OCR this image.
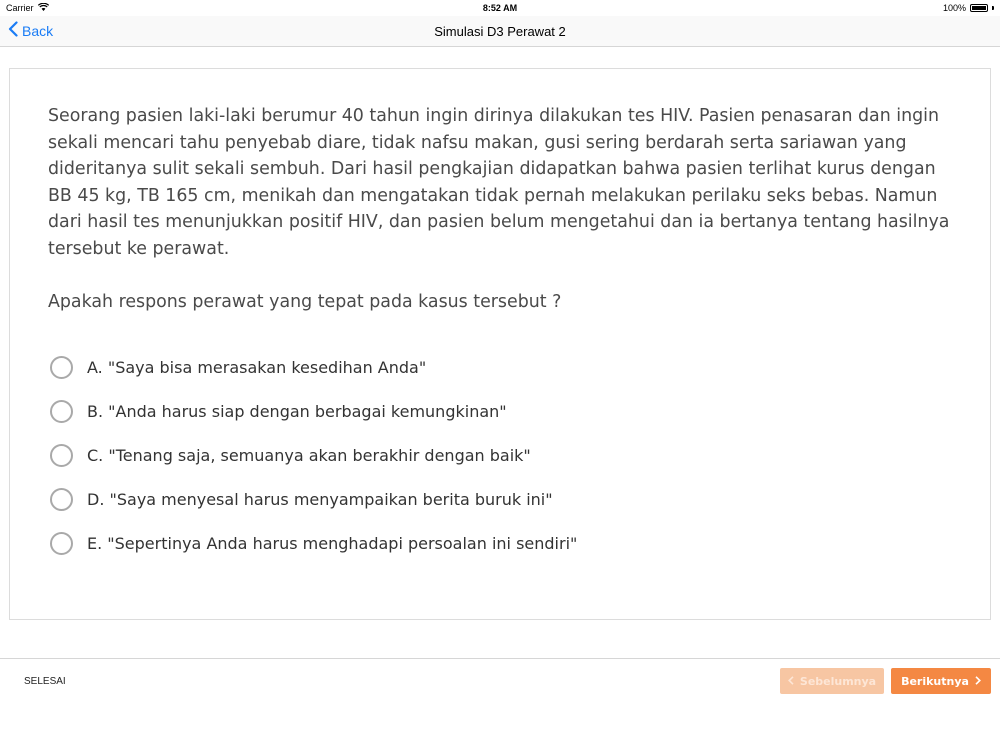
Carrier	8:52 AM	100%
Back	Simulasi D3 Perawat 2

Seorang pasien laki-laki berumur 40 tahun ingin dirinya dilakukan tes HIV. Pasien penasaran dan ingin sekali mencari tahu penyebab diare, tidak nafsu makan, gusi sering berdarah serta sariawan yang dideritanya sulit sekali sembuh. Dari hasil pengkajian didapatkan bahwa pasien terlihat kurus dengan BB 45 kg, TB 165 cm, menikah dan mengatakan tidak pernah melakukan perilaku seks bebas. Namun dari hasil tes menunjukkan positif HIV, dan pasien belum mengetahui dan ia bertanya tentang hasilnya tersebut ke perawat.

Apakah respons perawat yang tepat pada kasus tersebut ?

A. "Saya bisa merasakan kesedihan Anda"
B. "Anda harus siap dengan berbagai kemungkinan"
C. "Tenang saja, semuanya akan berakhir dengan baik"
D. "Saya menyesal harus menyampaikan berita buruk ini"
E. "Sepertinya Anda harus menghadapi persoalan ini sendiri"
SELESAI	Sebelumnya Berikutnya
